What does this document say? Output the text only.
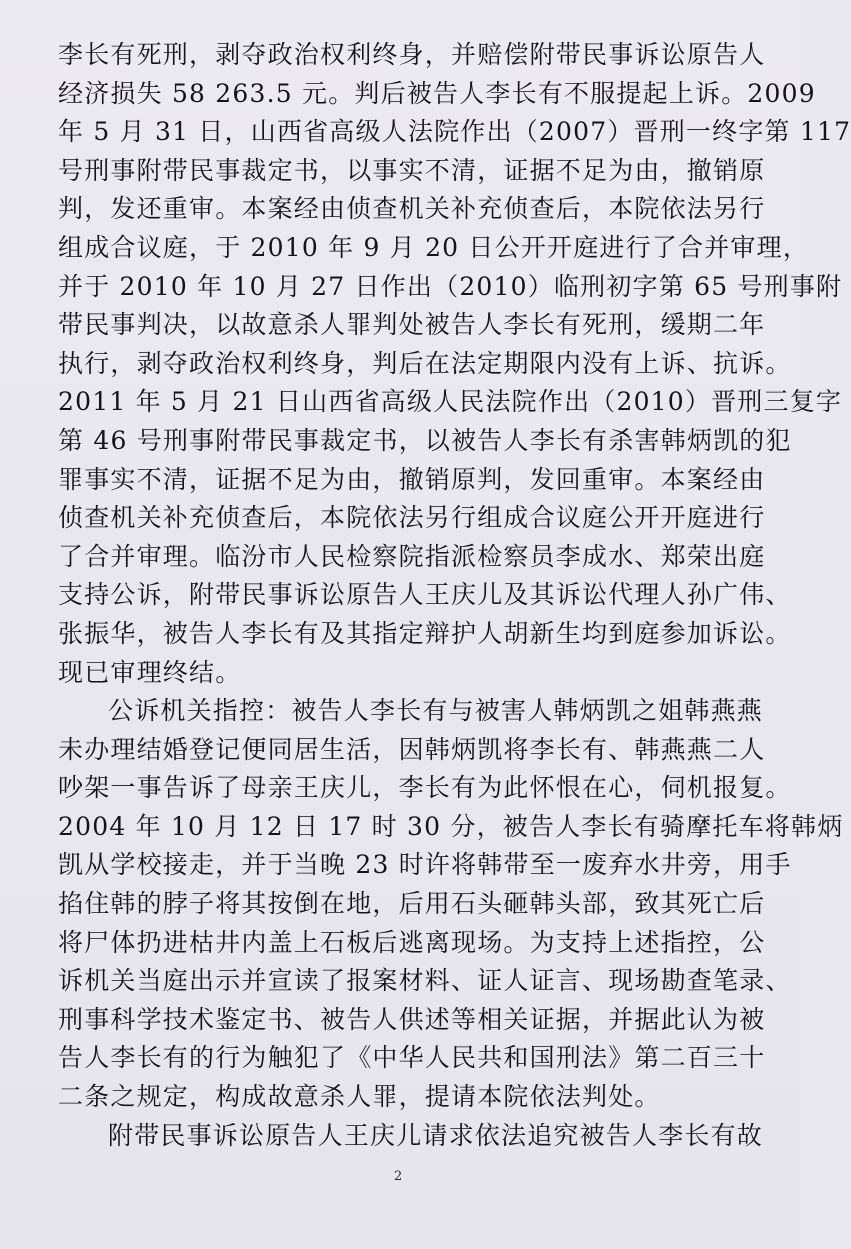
李长有死刑，剥夺政治权利终身，并赔偿附带民事诉讼原告人
经济损失 58 263.5 元。判后被告人李长有不服提起上诉。2009
年 5 月 31 日，山西省高级人法院作出（2007）晋刑一终字第 117
号刑事附带民事裁定书，以事实不清，证据不足为由，撤销原
判，发还重审。本案经由侦查机关补充侦查后，本院依法另行
组成合议庭，于 2010 年 9 月 20 日公开开庭进行了合并审理，
并于 2010 年 10 月 27 日作出（2010）临刑初字第 65 号刑事附
带民事判决，以故意杀人罪判处被告人李长有死刑，缓期二年
执行，剥夺政治权利终身，判后在法定期限内没有上诉、抗诉。
2011 年 5 月 21 日山西省高级人民法院作出（2010）晋刑三复字
第 46 号刑事附带民事裁定书，以被告人李长有杀害韩炳凯的犯
罪事实不清，证据不足为由，撤销原判，发回重审。本案经由
侦查机关补充侦查后，本院依法另行组成合议庭公开开庭进行
了合并审理。临汾市人民检察院指派检察员李成水、郑荣出庭
支持公诉，附带民事诉讼原告人王庆儿及其诉讼代理人孙广伟、
张振华，被告人李长有及其指定辩护人胡新生均到庭参加诉讼。
现已审理终结。
公诉机关指控：被告人李长有与被害人韩炳凯之姐韩燕燕
未办理结婚登记便同居生活，因韩炳凯将李长有、韩燕燕二人
吵架一事告诉了母亲王庆儿，李长有为此怀恨在心，伺机报复。
2004 年 10 月 12 日 17 时 30 分，被告人李长有骑摩托车将韩炳
凯从学校接走，并于当晚 23 时许将韩带至一废弃水井旁，用手
掐住韩的脖子将其按倒在地，后用石头砸韩头部，致其死亡后
将尸体扔进枯井内盖上石板后逃离现场。为支持上述指控，公
诉机关当庭出示并宣读了报案材料、证人证言、现场勘查笔录、
刑事科学技术鉴定书、被告人供述等相关证据，并据此认为被
告人李长有的行为触犯了《中华人民共和国刑法》第二百三十
二条之规定，构成故意杀人罪，提请本院依法判处。
附带民事诉讼原告人王庆儿请求依法追究被告人李长有故
2
